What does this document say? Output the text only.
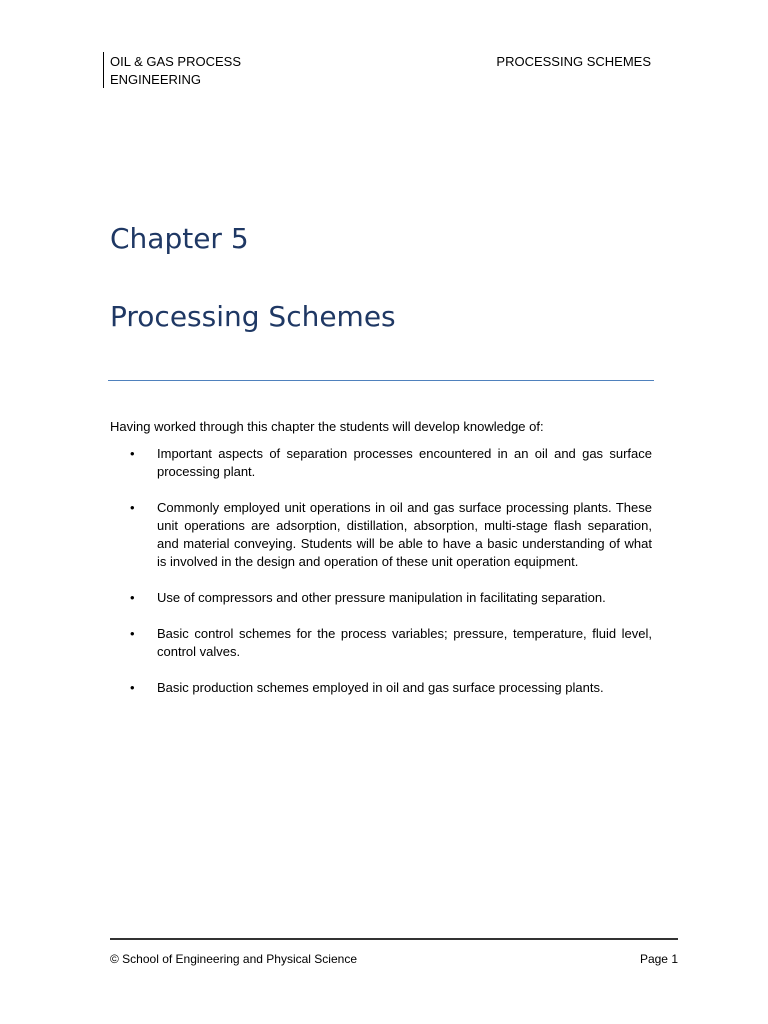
OIL & GAS PROCESS
ENGINEERING
PROCESSING SCHEMES
Chapter 5
Processing Schemes
Having worked through this chapter the students will develop knowledge of:
• Important aspects of separation processes encountered in an oil and gas surface processing plant.
• Commonly employed unit operations in oil and gas surface processing plants. These unit operations are adsorption, distillation, absorption, multi-stage flash separation, and material conveying. Students will be able to have a basic understanding of what is involved in the design and operation of these unit operation equipment.
• Use of compressors and other pressure manipulation in facilitating separation.
• Basic control schemes for the process variables; pressure, temperature, fluid level, control valves.
• Basic production schemes employed in oil and gas surface processing plants.
© School of Engineering and Physical Science	Page 1
